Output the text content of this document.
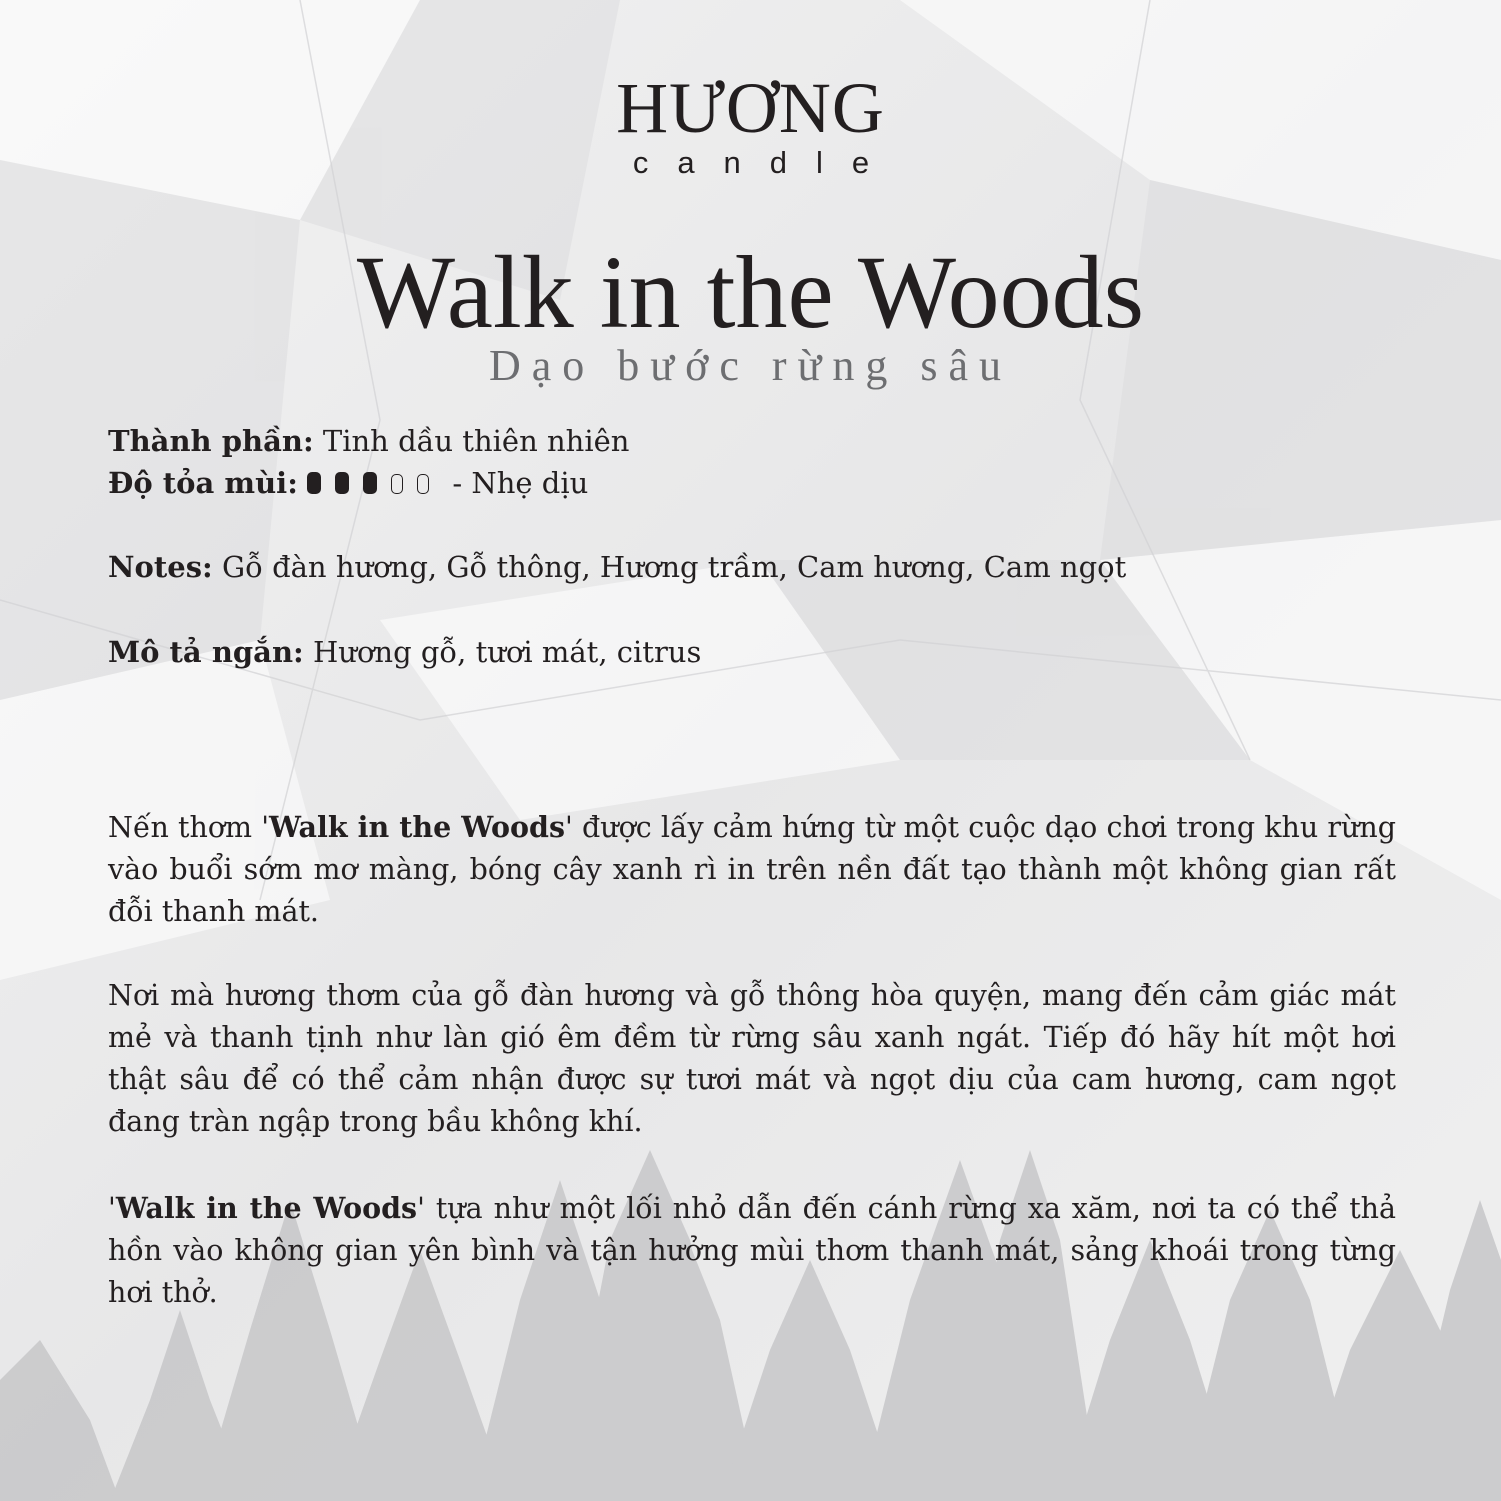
HƯƠNG
candle
Walk in the Woods
Dạo bước rừng sâu
Thành phần: Tinh dầu thiên nhiên
Độ tỏa mùi:	- Nhẹ dịu
Notes: Gỗ đàn hương, Gỗ thông, Hương trầm, Cam hương, Cam ngọt
Mô tả ngắn: Hương gỗ, tươi mát, citrus
Nến thơm 'Walk in the Woods' được lấy cảm hứng từ một cuộc dạo chơi trong khu rừng vào buổi sớm mơ màng, bóng cây xanh rì in trên nền đất tạo thành một không gian rất đỗi thanh mát.
Nơi mà hương thơm của gỗ đàn hương và gỗ thông hòa quyện, mang đến cảm giác mát mẻ và thanh tịnh như làn gió êm đềm từ rừng sâu xanh ngát. Tiếp đó hãy hít một hơi thật sâu để có thể cảm nhận được sự tươi mát và ngọt dịu của cam hương, cam ngọt đang tràn ngập trong bầu không khí.
'Walk in the Woods' tựa như một lối nhỏ dẫn đến cánh rừng xa xăm, nơi ta có thể thả hồn vào không gian yên bình và tận hưởng mùi thơm thanh mát, sảng khoái trong từng hơi thở.
